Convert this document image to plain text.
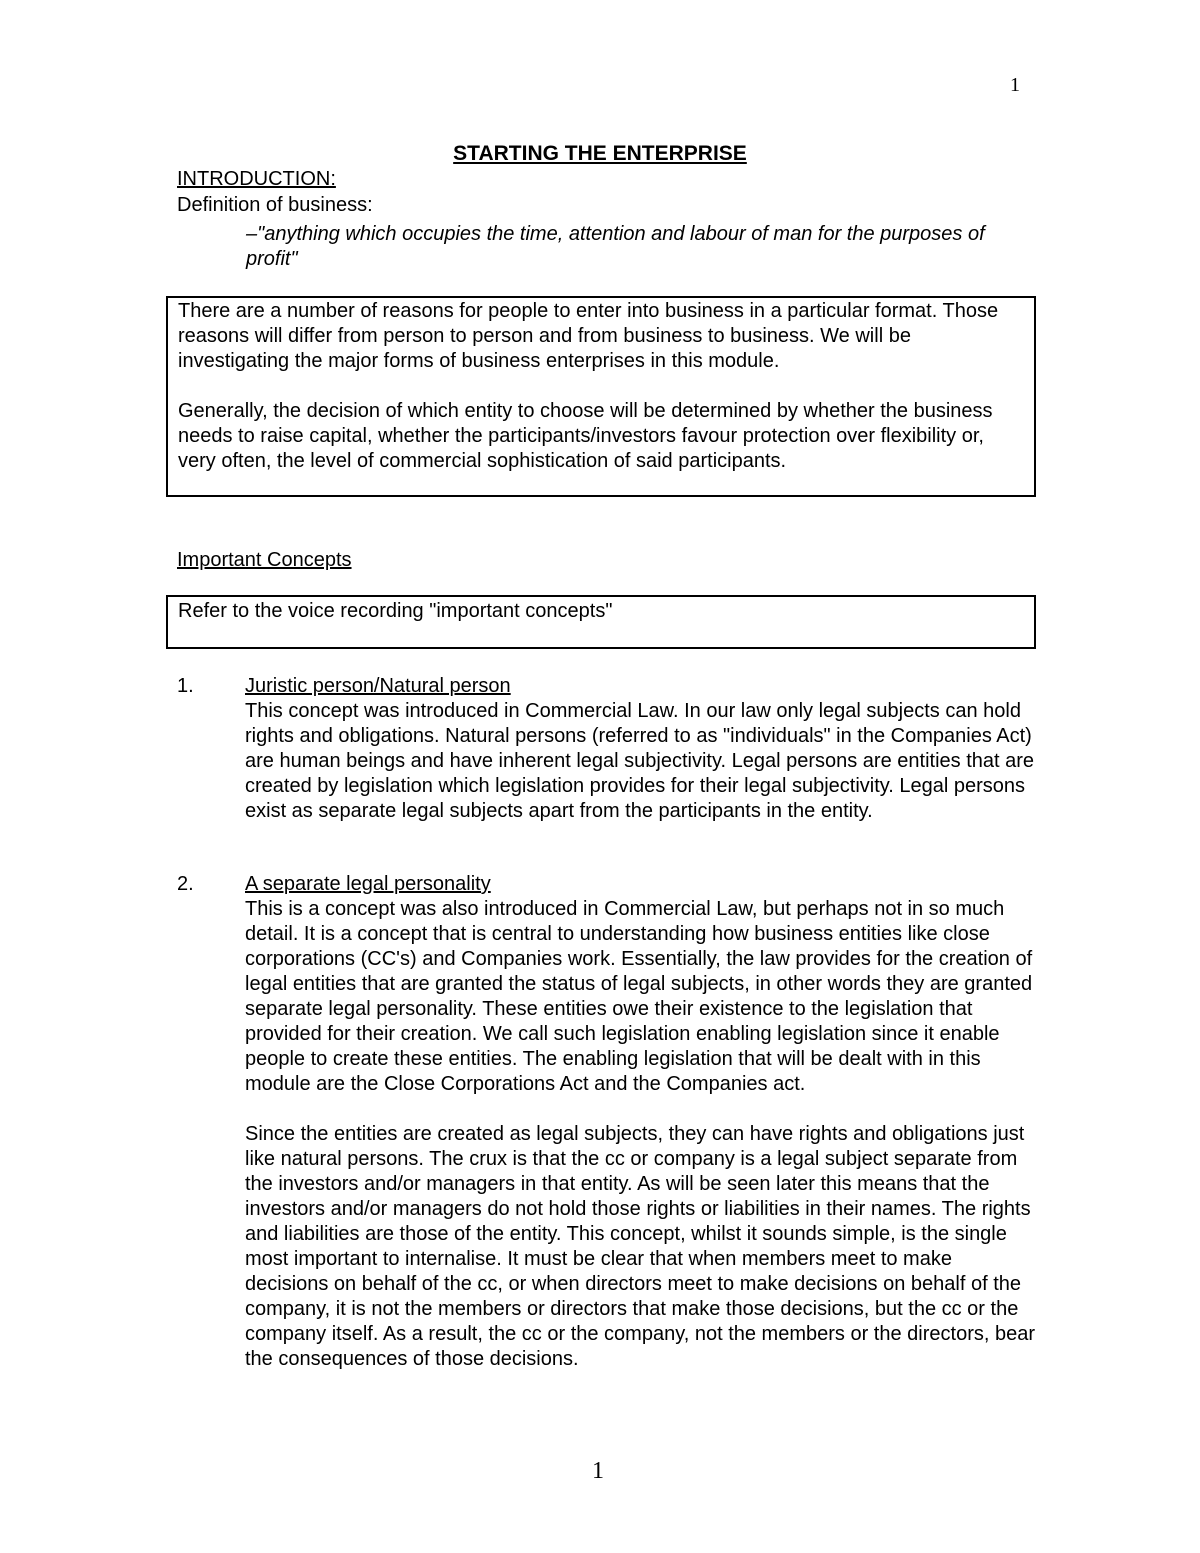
1
STARTING THE ENTERPRISE
INTRODUCTION:
Definition of business:
–"anything which occupies the time, attention and labour of man for the purposes of profit"

There are a number of reasons for people to enter into business in a particular format. Those reasons will differ from person to person and from business to business. We will be investigating the major forms of business enterprises in this module.

Generally, the decision of which entity to choose will be determined by whether the business needs to raise capital, whether the participants/investors favour protection over flexibility or, very often, the level of commercial sophistication of said participants.

Important Concepts
Refer to the voice recording "important concepts"
1.	Juristic person/Natural person

This concept was introduced in Commercial Law. In our law only legal subjects can hold rights and obligations. Natural persons (referred to as "individuals" in the Companies Act) are human beings and have inherent legal subjectivity. Legal persons are entities that are created by legislation which legislation provides for their legal subjectivity. Legal persons exist as separate legal subjects apart from the participants in the entity.

2.	A separate legal personality

This is a concept was also introduced in Commercial Law, but perhaps not in so much detail. It is a concept that is central to understanding how business entities like close corporations (CC's) and Companies work. Essentially, the law provides for the creation of legal entities that are granted the status of legal subjects, in other words they are granted separate legal personality. These entities owe their existence to the legislation that provided for their creation. We call such legislation enabling legislation since it enable people to create these entities. The enabling legislation that will be dealt with in this module are the Close Corporations Act and the Companies act.

Since the entities are created as legal subjects, they can have rights and obligations just like natural persons. The crux is that the cc or company is a legal subject separate from the investors and/or managers in that entity. As will be seen later this means that the investors and/or managers do not hold those rights or liabilities in their names. The rights and liabilities are those of the entity. This concept, whilst it sounds simple, is the single most important to internalise. It must be clear that when members meet to make decisions on behalf of the cc, or when directors meet to make decisions on behalf of the company, it is not the members or directors that make those decisions, but the cc or the company itself. As a result, the cc or the company, not the members or the directors, bear the consequences of those decisions.

1
